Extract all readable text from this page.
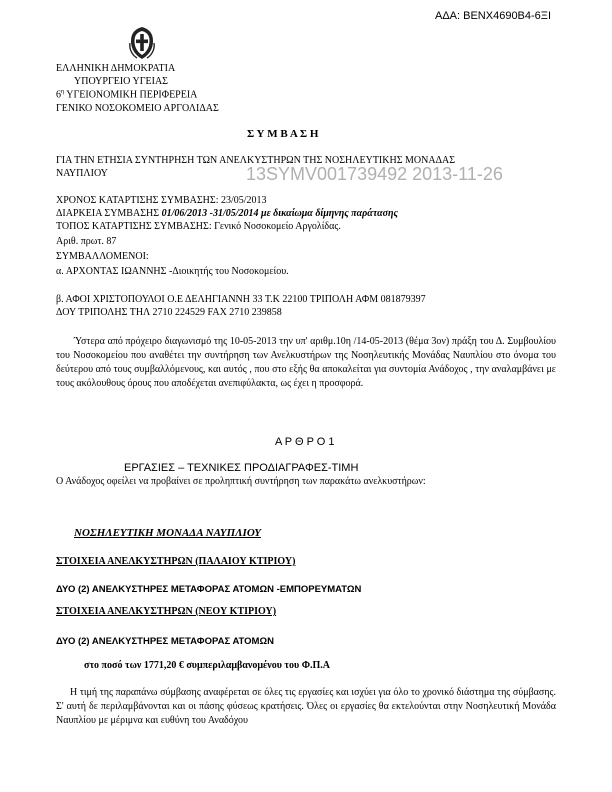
ΑΔΑ: ΒΕΝΧ4690Β4-6ΞΙ
ΕΛΛΗΝΙΚΗ ΔΗΜΟΚΡΑΤΙΑ
ΥΠΟΥΡΓΕΙΟ ΥΓΕΙΑΣ
$6^\eta$ ΥΓΕΙΟΝΟΜΙΚΗ ΠΕΡΙΦΕΡΕΙΑ
ΓΕΝΙΚΟ ΝΟΣΟΚΟΜΕΙΟ ΑΡΓΟΛΙΔΑΣ
Σ Υ Μ Β Α Σ Η
ΓΙΑ ΤΗΝ ΕΤΗΣΙΑ ΣΥΝΤΗΡΗΣΗ ΤΩΝ ΑΝΕΛΚΥΣΤΗΡΩΝ ΤΗΣ ΝΟΣΗΛΕΥΤΙΚΗΣ ΜΟΝΑΔΑΣ
ΝΑΥΠΛΙΟΥ	13SYMV001739492 2013-11-26
ΧΡΟΝΟΣ ΚΑΤΑΡΤΙΣΗΣ ΣΥΜΒΑΣΗΣ: 23/05/2013
ΔΙΑΡΚΕΙΑ ΣΥΜΒΑΣΗΣ 01/06/2013 -31/05/2014 με δικαίωμα δίμηνης παράτασης
ΤΟΠΟΣ ΚΑΤΑΡΤΙΣΗΣ ΣΥΜΒΑΣΗΣ: Γενικό Νοσοκομείο Αργολίδας.
Αριθ. πρωτ. 87
ΣΥΜΒΑΛΛΟΜΕΝΟΙ:
α. ΑΡΧΟΝΤΑΣ ΙΩΑΝΝΗΣ -Διοικητής του Νοσοκομείου.
β. ΑΦΟΙ ΧΡΙΣΤΟΠΟΥΛΟΙ Ο.Ε ΔΕΛΗΓΙΑΝΝΗ 33 Τ.Κ 22100 ΤΡΙΠΟΛΗ ΑΦΜ 081879397
ΔΟΥ ΤΡΙΠΟΛΗΣ ΤΗΛ 2710 224529 FAX 2710 239858
Ύστερα από πρόχειρο διαγωνισμό της 10-05-2013 την υπ' αριθμ.10η /14-05-2013 (θέμα 3ον) πράξη του Δ. Συμβουλίου του Νοσοκομείου που αναθέτει την συντήρηση των Ανελκυστήρων της Νοσηλευτικής Μονάδας Ναυπλίου στο όνομα του δεύτερου από τους συμβαλλόμενους, και αυτός , που στο εξής θα αποκαλείται για συντομία Ανάδοχος , την αναλαμβάνει με τους ακόλουθους όρους που αποδέχεται ανεπιφύλακτα, ως έχει η προσφορά.
Α Ρ Θ Ρ Ο 1
ΕΡΓΑΣΙΕΣ – ΤΕΧΝΙΚΕΣ ΠΡΟΔΙΑΓΡΑΦΕΣ-ΤΙΜΗ
Ο Ανάδοχος οφείλει να προβαίνει σε προληπτική συντήρηση των παρακάτω ανελκυστήρων:
ΝΟΣΗΛΕΥΤΙΚΗ ΜΟΝΑΔΑ ΝΑΥΠΛΙΟΥ
ΣΤΟΙΧΕΙΑ ΑΝΕΛΚΥΣΤΗΡΩΝ (ΠΑΛΑΙΟΥ ΚΤΙΡΙΟΥ)
ΔΥΟ (2) ΑΝΕΛΚΥΣΤΗΡΕΣ ΜΕΤΑΦΟΡΑΣ ΑΤΟΜΩΝ -ΕΜΠΟΡΕΥΜΑΤΩΝ
ΣΤΟΙΧΕΙΑ ΑΝΕΛΚΥΣΤΗΡΩΝ (ΝΕΟΥ ΚΤΙΡΙΟΥ)
ΔΥΟ (2) ΑΝΕΛΚΥΣΤΗΡΕΣ ΜΕΤΑΦΟΡΑΣ ΑΤΟΜΩΝ
στο ποσό των 1771,20 € συμπεριλαμβανομένου του Φ.Π.Α
Η τιμή της παραπάνω σύμβασης αναφέρεται σε όλες τις εργασίες και ισχύει για όλο το χρονικό διάστημα της σύμβασης. Σ' αυτή δε περιλαμβάνονται και οι πάσης φύσεως κρατήσεις. Όλες οι εργασίες θα εκτελούνται στην Νοσηλευτική Μονάδα Ναυπλίου με μέριμνα και ευθύνη του Αναδόχου
